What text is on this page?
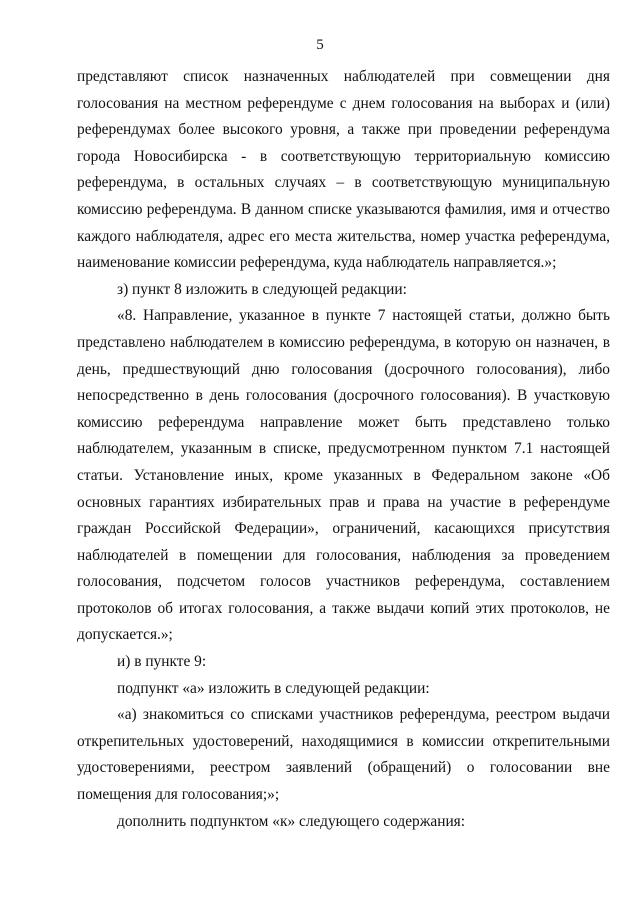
5

представляют список назначенных наблюдателей при совмещении дня голосования на местном референдуме с днем голосования на выборах и (или) референдумах более высокого уровня, а также при проведении референдума города Новосибирска - в соответствующую территориальную комиссию референдума, в остальных случаях – в соответствующую муниципальную комиссию референдума. В данном списке указываются фамилия, имя и отчество каждого наблюдателя, адрес его места жительства, номер участка референдума, наименование комиссии референдума, куда наблюдатель направляется.»;

з) пункт 8 изложить в следующей редакции:

«8. Направление, указанное в пункте 7 настоящей статьи, должно быть представлено наблюдателем в комиссию референдума, в которую он назначен, в день, предшествующий дню голосования (досрочного голосования), либо непосредственно в день голосования (досрочного голосования). В участковую комиссию референдума направление может быть представлено только наблюдателем, указанным в списке, предусмотренном пунктом 7.1 настоящей статьи. Установление иных, кроме указанных в Федеральном законе «Об основных гарантиях избирательных прав и права на участие в референдуме граждан Российской Федерации», ограничений, касающихся присутствия наблюдателей в помещении для голосования, наблюдения за проведением голосования, подсчетом голосов участников референдума, составлением протоколов об итогах голосования, а также выдачи копий этих протоколов, не допускается.»;

и) в пункте 9:

подпункт «а» изложить в следующей редакции:

«а) знакомиться со списками участников референдума, реестром выдачи открепительных удостоверений, находящимися в комиссии открепительными удостоверениями, реестром заявлений (обращений) о голосовании вне помещения для голосования;»;

дополнить подпунктом «к» следующего содержания:
